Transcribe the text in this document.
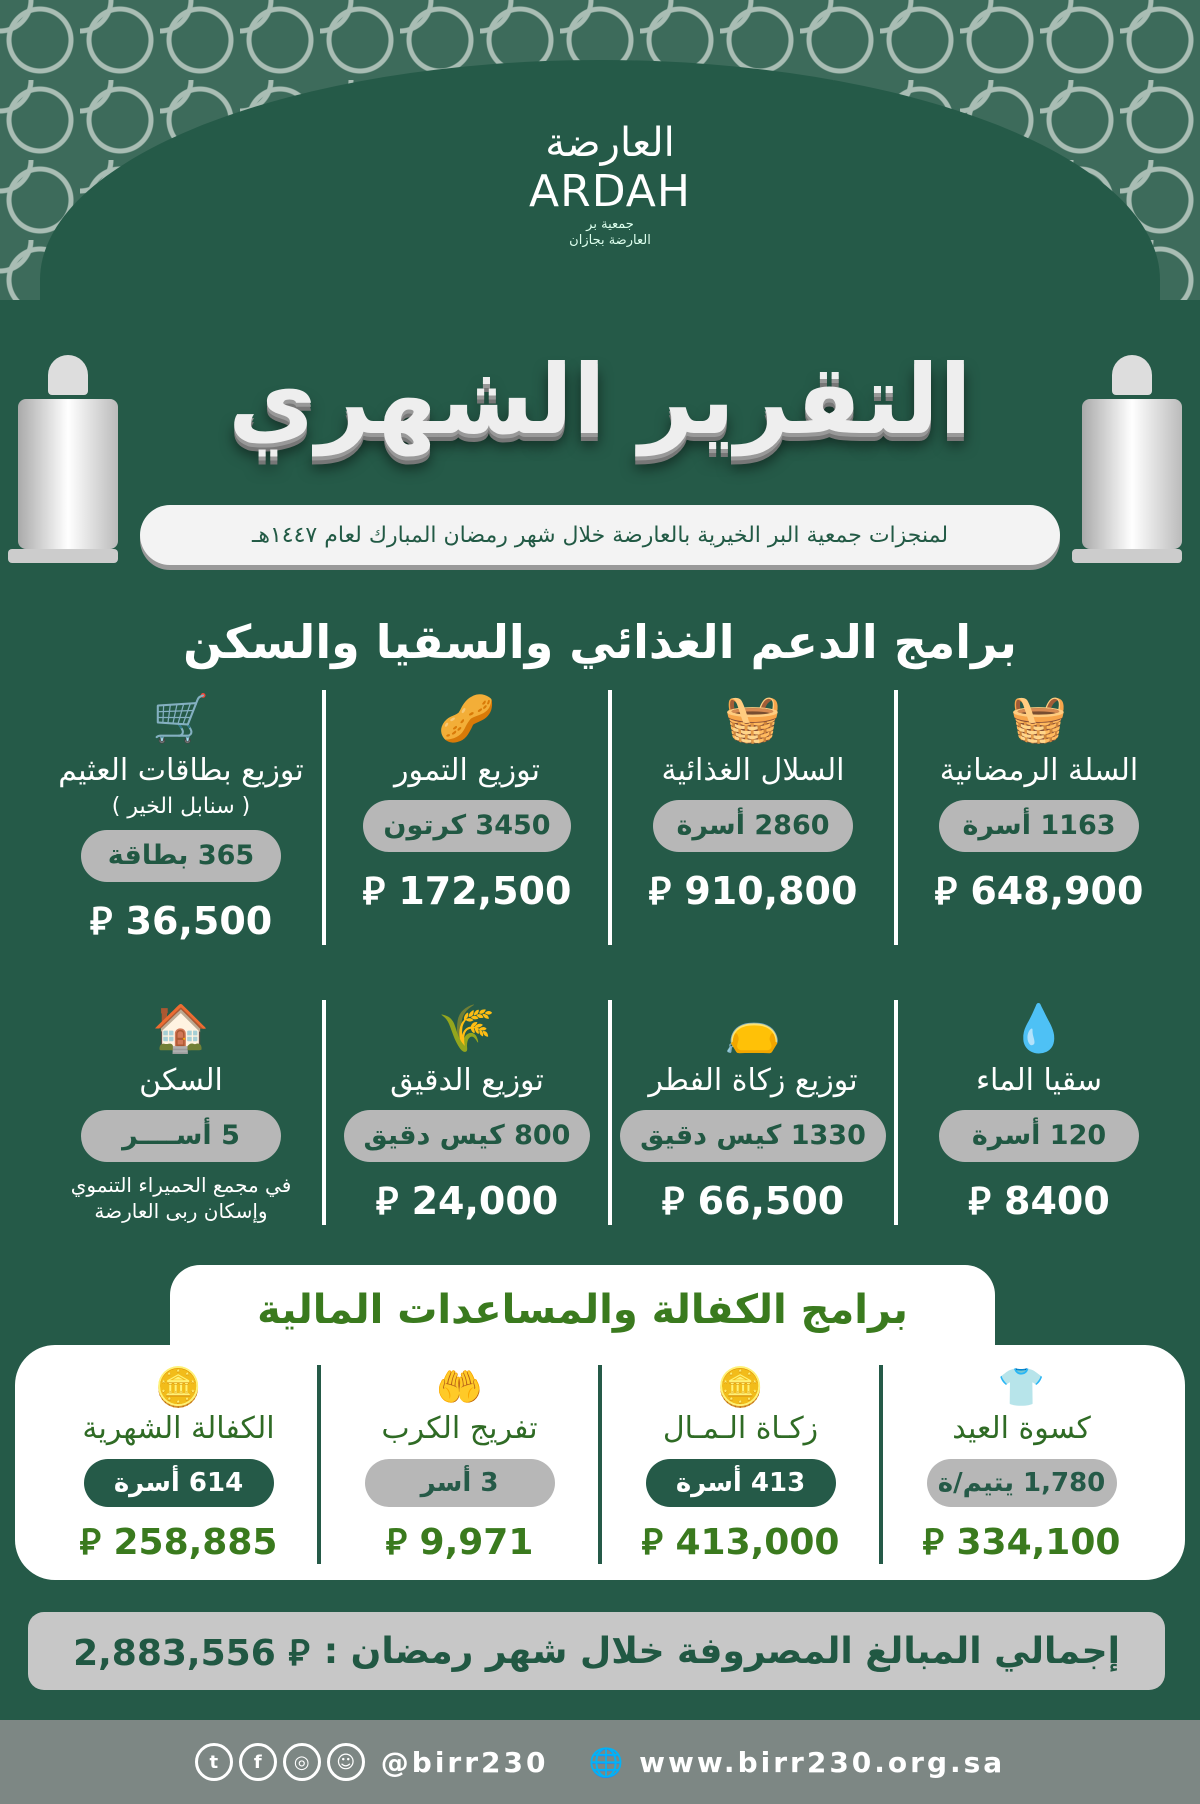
العارضة
ARDAH
جمعية بر
العارضة بجازان
التقرير الشهري
لمنجزات جمعية البر الخيرية بالعارضة خلال شهر رمضان المبارك لعام ١٤٤٧هـ
برامج الدعم الغذائي والسقيا والسكن
🧺
السلة الرمضانية
1163 أسرة
⃁ 648,900
🧺
السلال الغذائية
2860 أسرة
⃁ 910,800
🥜
توزيع التمور
3450 كرتون
⃁ 172,500
🛒
توزيع بطاقات العثيم
( سنابل الخير )
365 بطاقة
⃁ 36,500
💧
سقيا الماء
120 أسرة
⃁ 8400
👝
توزيع زكاة الفطر
1330 كيس دقيق
⃁ 66,500
🌾
توزيع الدقيق
800 كيس دقيق
⃁ 24,000
🏠
السكن
5 أســــر
في مجمع الحميراء التنموي
وإسكان ربى العارضة
برامج الكفالة والمساعدات المالية
👕
كسوة العيد
1,780 يتيم/ة
⃁ 334,100
🪙
زكـاة الـمـال
413 أسرة
⃁ 413,000
🤲
تفريج الكرب
3 أسر
⃁ 9,971
🪙
الكفالة الشهرية
614 أسرة
⃁ 258,885
إجمالي المبالغ المصروفة خلال شهر رمضان :
2,883,556 ⃁
t	f	◎	☺ @birr230 🌐 www.birr230.org.sa
